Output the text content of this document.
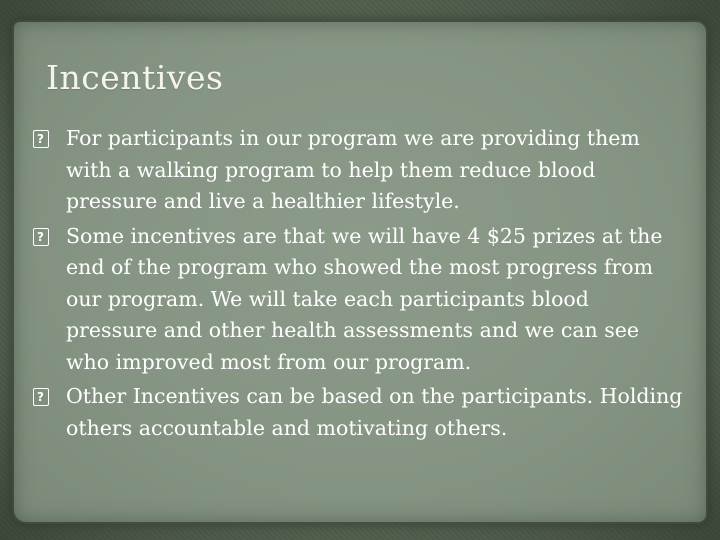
Incentives
?
For participants in our program we are providing them with a walking program to help them reduce blood pressure and live a healthier lifestyle.
?
Some incentives are that we will have 4 $25 prizes at the end of the program who showed the most progress from our program. We will take each participants blood pressure and other health assessments and we can see who improved most from our program.
?
Other Incentives can be based on the participants. Holding others accountable and motivating others.
